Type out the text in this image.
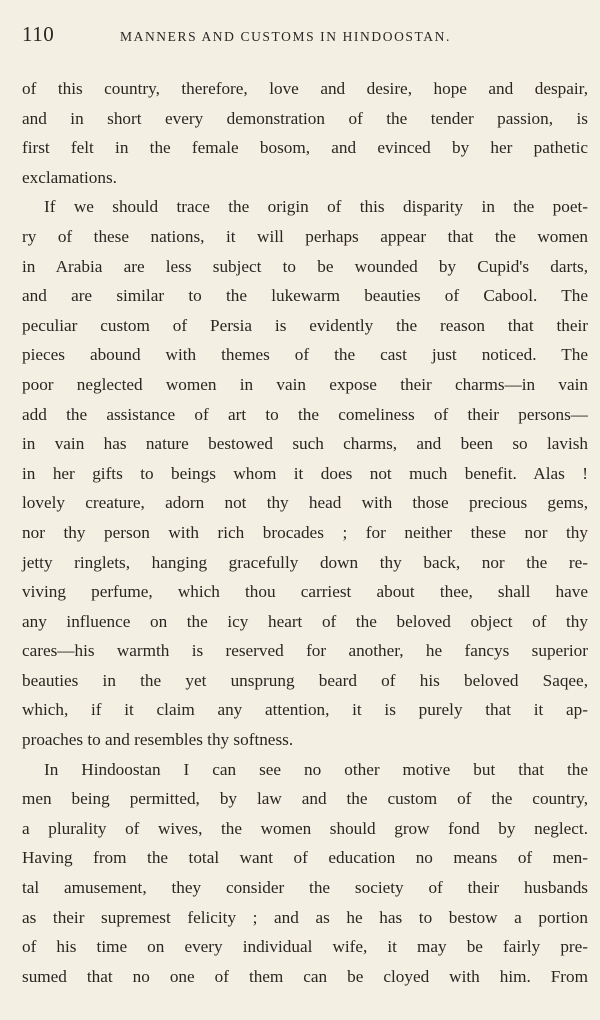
110	MANNERS AND CUSTOMS IN HINDOOSTAN.
of this country, therefore, love and desire, hope and despair,
and in short every demonstration of the tender passion, is
first felt in the female bosom, and evinced by her pathetic
exclamations.
If we should trace the origin of this disparity in the poet-
ry of these nations, it will perhaps appear that the women
in Arabia are less subject to be wounded by Cupid's darts,
and are similar to the lukewarm beauties of Cabool. The
peculiar custom of Persia is evidently the reason that their
pieces abound with themes of the cast just noticed. The
poor neglected women in vain expose their charms—in vain
add the assistance of art to the comeliness of their persons—
in vain has nature bestowed such charms, and been so lavish
in her gifts to beings whom it does not much benefit. Alas !
lovely creature, adorn not thy head with those precious gems,
nor thy person with rich brocades ; for neither these nor thy
jetty ringlets, hanging gracefully down thy back, nor the re-
viving perfume, which thou carriest about thee, shall have
any influence on the icy heart of the beloved object of thy
cares—his warmth is reserved for another, he fancys superior
beauties in the yet unsprung beard of his beloved Saqee,
which, if it claim any attention, it is purely that it ap-
proaches to and resembles thy softness.
In Hindoostan I can see no other motive but that the
men being permitted, by law and the custom of the country,
a plurality of wives, the women should grow fond by neglect.
Having from the total want of education no means of men-
tal amusement, they consider the society of their husbands
as their supremest felicity ; and as he has to bestow a portion
of his time on every individual wife, it may be fairly pre-
sumed that no one of them can be cloyed with him. From
